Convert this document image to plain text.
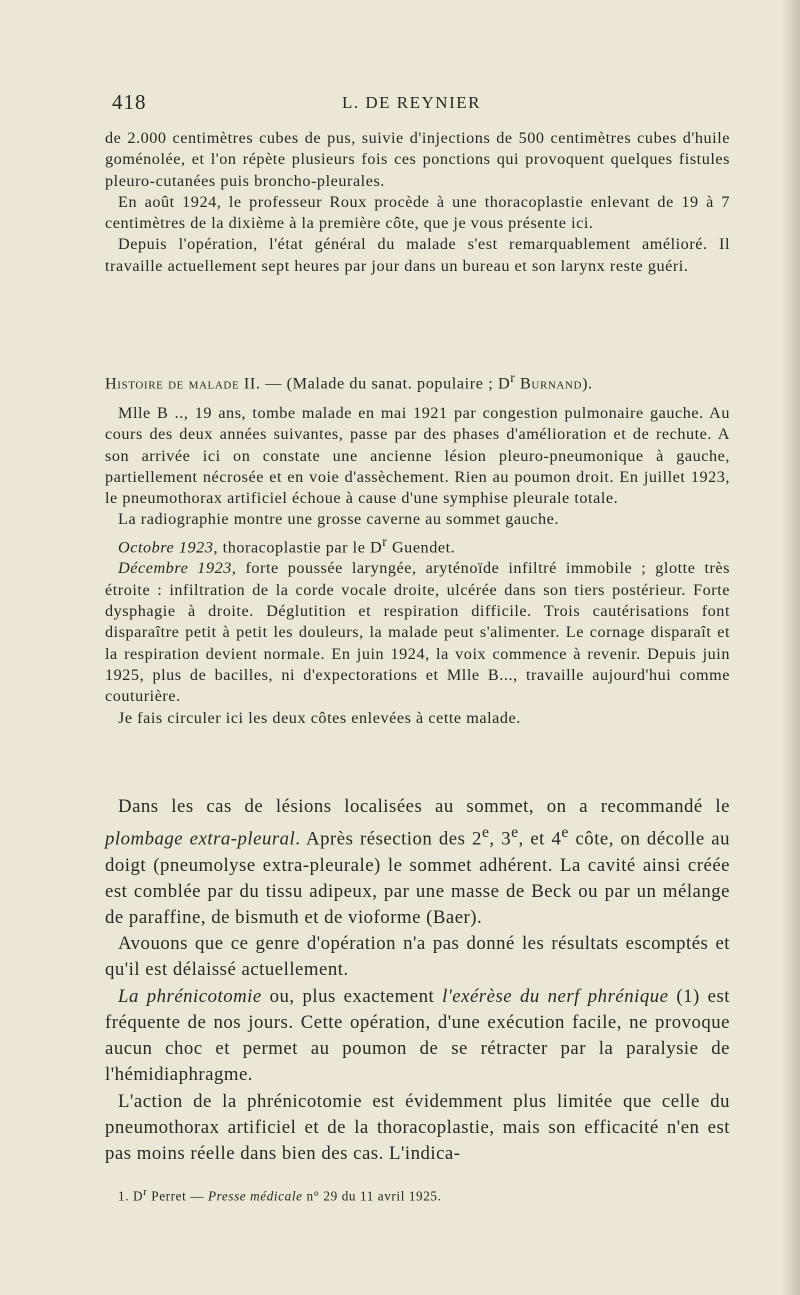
418	L. DE REYNIER

de 2.000 centimètres cubes de pus, suivie d'injections de 500 centimètres cubes d'huile goménolée, et l'on répète plusieurs fois ces ponctions qui provoquent quelques fistules pleuro-cutanées puis broncho-pleurales.

En août 1924, le professeur Roux procède à une thoracoplastie enlevant de 19 à 7 centimètres de la dixième à la première côte, que je vous présente ici.

Depuis l'opération, l'état général du malade s'est remarquablement amélioré. Il travaille actuellement sept heures par jour dans un bureau et son larynx reste guéri.

Histoire de malade II. — (Malade du sanat. populaire ; $D^r$ Burnand).

Mlle B .., 19 ans, tombe malade en mai 1921 par congestion pulmonaire gauche. Au cours des deux années suivantes, passe par des phases d'amélioration et de rechute. A son arrivée ici on constate une ancienne lésion pleuro-pneumonique à gauche, partiellement nécrosée et en voie d'assèchement. Rien au poumon droit. En juillet 1923, le pneumothorax artificiel échoue à cause d'une symphise pleurale totale.

La radiographie montre une grosse caverne au sommet gauche.

Octobre 1923, thoracoplastie par le $D^r$ Guendet.

Décembre 1923, forte poussée laryngée, aryténoïde infiltré immobile ; glotte très étroite : infiltration de la corde vocale droite, ulcérée dans son tiers postérieur. Forte dysphagie à droite. Déglutition et respiration difficile. Trois cautérisations font disparaître petit à petit les douleurs, la malade peut s'alimenter. Le cornage disparaît et la respiration devient normale. En juin 1924, la voix commence à revenir. Depuis juin 1925, plus de bacilles, ni d'expectorations et Mlle B..., travaille aujourd'hui comme couturière.

Je fais circuler ici les deux côtes enlevées à cette malade.

Dans les cas de lésions localisées au sommet, on a recommandé le plombage extra-pleural. Après résection des 2e, 3e, et 4e côte, on décolle au doigt (pneumolyse extra-pleurale) le sommet adhérent. La cavité ainsi créée est comblée par du tissu adipeux, par une masse de Beck ou par un mélange de paraffine, de bismuth et de vioforme (Baer).

Avouons que ce genre d'opération n'a pas donné les résultats escomptés et qu'il est délaissé actuellement.

La phrénicotomie ou, plus exactement l'exérèse du nerf phrénique (1) est fréquente de nos jours. Cette opération, d'une exécution facile, ne provoque aucun choc et permet au poumon de se rétracter par la paralysie de l'hémidiaphragme.

L'action de la phrénicotomie est évidemment plus limitée que celle du pneumothorax artificiel et de la thoracoplastie, mais son efficacité n'en est pas moins réelle dans bien des cas. L'indica-

1. $D^r$ Perret — Presse médicale n° 29 du 11 avril 1925.
